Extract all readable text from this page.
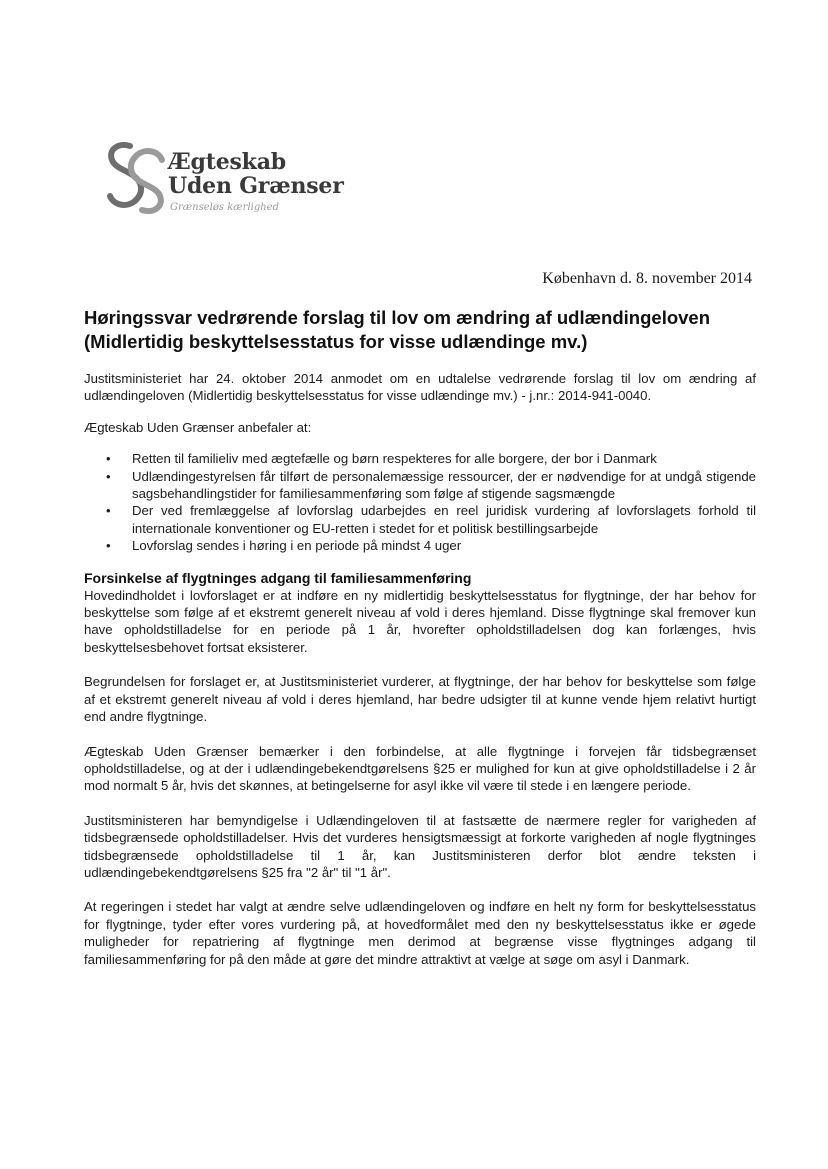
Ægteskab
Uden Grænser
Grænseløs kærlighed
København d. 8. november 2014
Høringssvar vedrørende forslag til lov om ændring af udlændingeloven (Midlertidig beskyttelsesstatus for visse udlændinge mv.)

Justitsministeriet har 24. oktober 2014 anmodet om en udtalelse vedrørende forslag til lov om ændring af udlændingeloven (Midlertidig beskyttelsesstatus for visse udlændinge mv.) - j.nr.: 2014-941-0040.

Ægteskab Uden Grænser anbefaler at:

• Retten til familieliv med ægtefælle og børn respekteres for alle borgere, der bor i Danmark
• Udlændingestyrelsen får tilført de personalemæssige ressourcer, der er nødvendige for at undgå stigende sagsbehandlingstider for familiesammenføring som følge af stigende sagsmængde
• Der ved fremlæggelse af lovforslag udarbejdes en reel juridisk vurdering af lovforslagets forhold til internationale konventioner og EU-retten i stedet for et politisk bestillingsarbejde
• Lovforslag sendes i høring i en periode på mindst 4 uger
Forsinkelse af flygtninges adgang til familiesammenføring

Hovedindholdet i lovforslaget er at indføre en ny midlertidig beskyttelsesstatus for flygtninge, der har behov for beskyttelse som følge af et ekstremt generelt niveau af vold i deres hjemland. Disse flygtninge skal fremover kun have opholdstilladelse for en periode på 1 år, hvorefter opholdstilladelsen dog kan forlænges, hvis beskyttelsesbehovet fortsat eksisterer.

Begrundelsen for forslaget er, at Justitsministeriet vurderer, at flygtninge, der har behov for beskyttelse som følge af et ekstremt generelt niveau af vold i deres hjemland, har bedre udsigter til at kunne vende hjem relativt hurtigt end andre flygtninge.

Ægteskab Uden Grænser bemærker i den forbindelse, at alle flygtninge i forvejen får tidsbegrænset opholdstilladelse, og at der i udlændingebekendtgørelsens §25 er mulighed for kun at give opholdstilladelse i 2 år mod normalt 5 år, hvis det skønnes, at betingelserne for asyl ikke vil være til stede i en længere periode.

Justitsministeren har bemyndigelse i Udlændingeloven til at fastsætte de nærmere regler for varigheden af tidsbegrænsede opholdstilladelser. Hvis det vurderes hensigtsmæssigt at forkorte varigheden af nogle flygtninges tidsbegrænsede opholdstilladelse til 1 år, kan Justitsministeren derfor blot ændre teksten i udlændingebekendtgørelsens §25 fra "2 år" til "1 år".

At regeringen i stedet har valgt at ændre selve udlændingeloven og indføre en helt ny form for beskyttelsesstatus for flygtninge, tyder efter vores vurdering på, at hovedformålet med den ny beskyttelsesstatus ikke er øgede muligheder for repatriering af flygtninge men derimod at begrænse visse flygtninges adgang til familiesammenføring for på den måde at gøre det mindre attraktivt at vælge at søge om asyl i Danmark.
